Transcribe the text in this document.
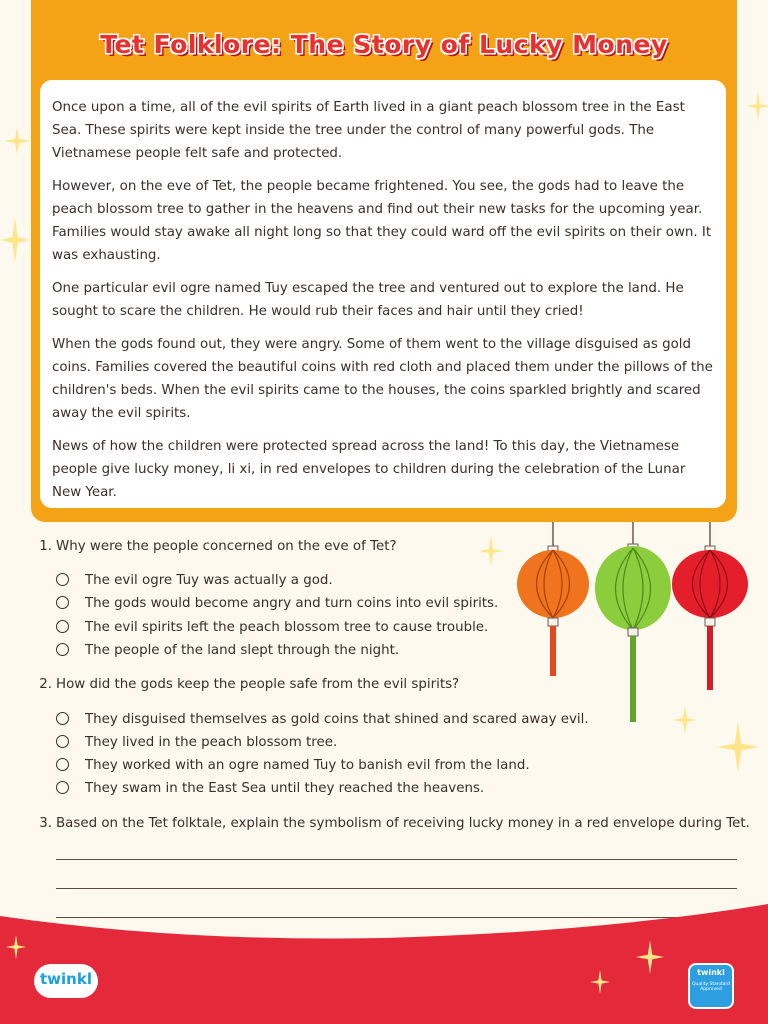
Tet Folklore: The Story of Lucky Money

Once upon a time, all of the evil spirits of Earth lived in a giant peach blossom tree in the East Sea. These spirits were kept inside the tree under the control of many powerful gods. The Vietnamese people felt safe and protected.

However, on the eve of Tet, the people became frightened. You see, the gods had to leave the peach blossom tree to gather in the heavens and find out their new tasks for the upcoming year. Families would stay awake all night long so that they could ward off the evil spirits on their own. It was exhausting.

One particular evil ogre named Tuy escaped the tree and ventured out to explore the land. He sought to scare the children. He would rub their faces and hair until they cried!

When the gods found out, they were angry. Some of them went to the village disguised as gold coins. Families covered the beautiful coins with red cloth and placed them under the pillows of the children's beds. When the evil spirits came to the houses, the coins sparkled brightly and scared away the evil spirits.

News of how the children were protected spread across the land! To this day, the Vietnamese people give lucky money, li xi, in red envelopes to children during the celebration of the Lunar New Year.

1. Why were the people concerned on the eve of Tet?
The evil ogre Tuy was actually a god.
The gods would become angry and turn coins into evil spirits.
The evil spirits left the peach blossom tree to cause trouble.
The people of the land slept through the night.
2. How did the gods keep the people safe from the evil spirits?
They disguised themselves as gold coins that shined and scared away evil.
They lived in the peach blossom tree.
They worked with an ogre named Tuy to banish evil from the land.
They swam in the East Sea until they reached the heavens.
3. Based on the Tet folktale, explain the symbolism of receiving lucky money in a red envelope during Tet.
twinkl	twinkl
Quality Standard Approved
